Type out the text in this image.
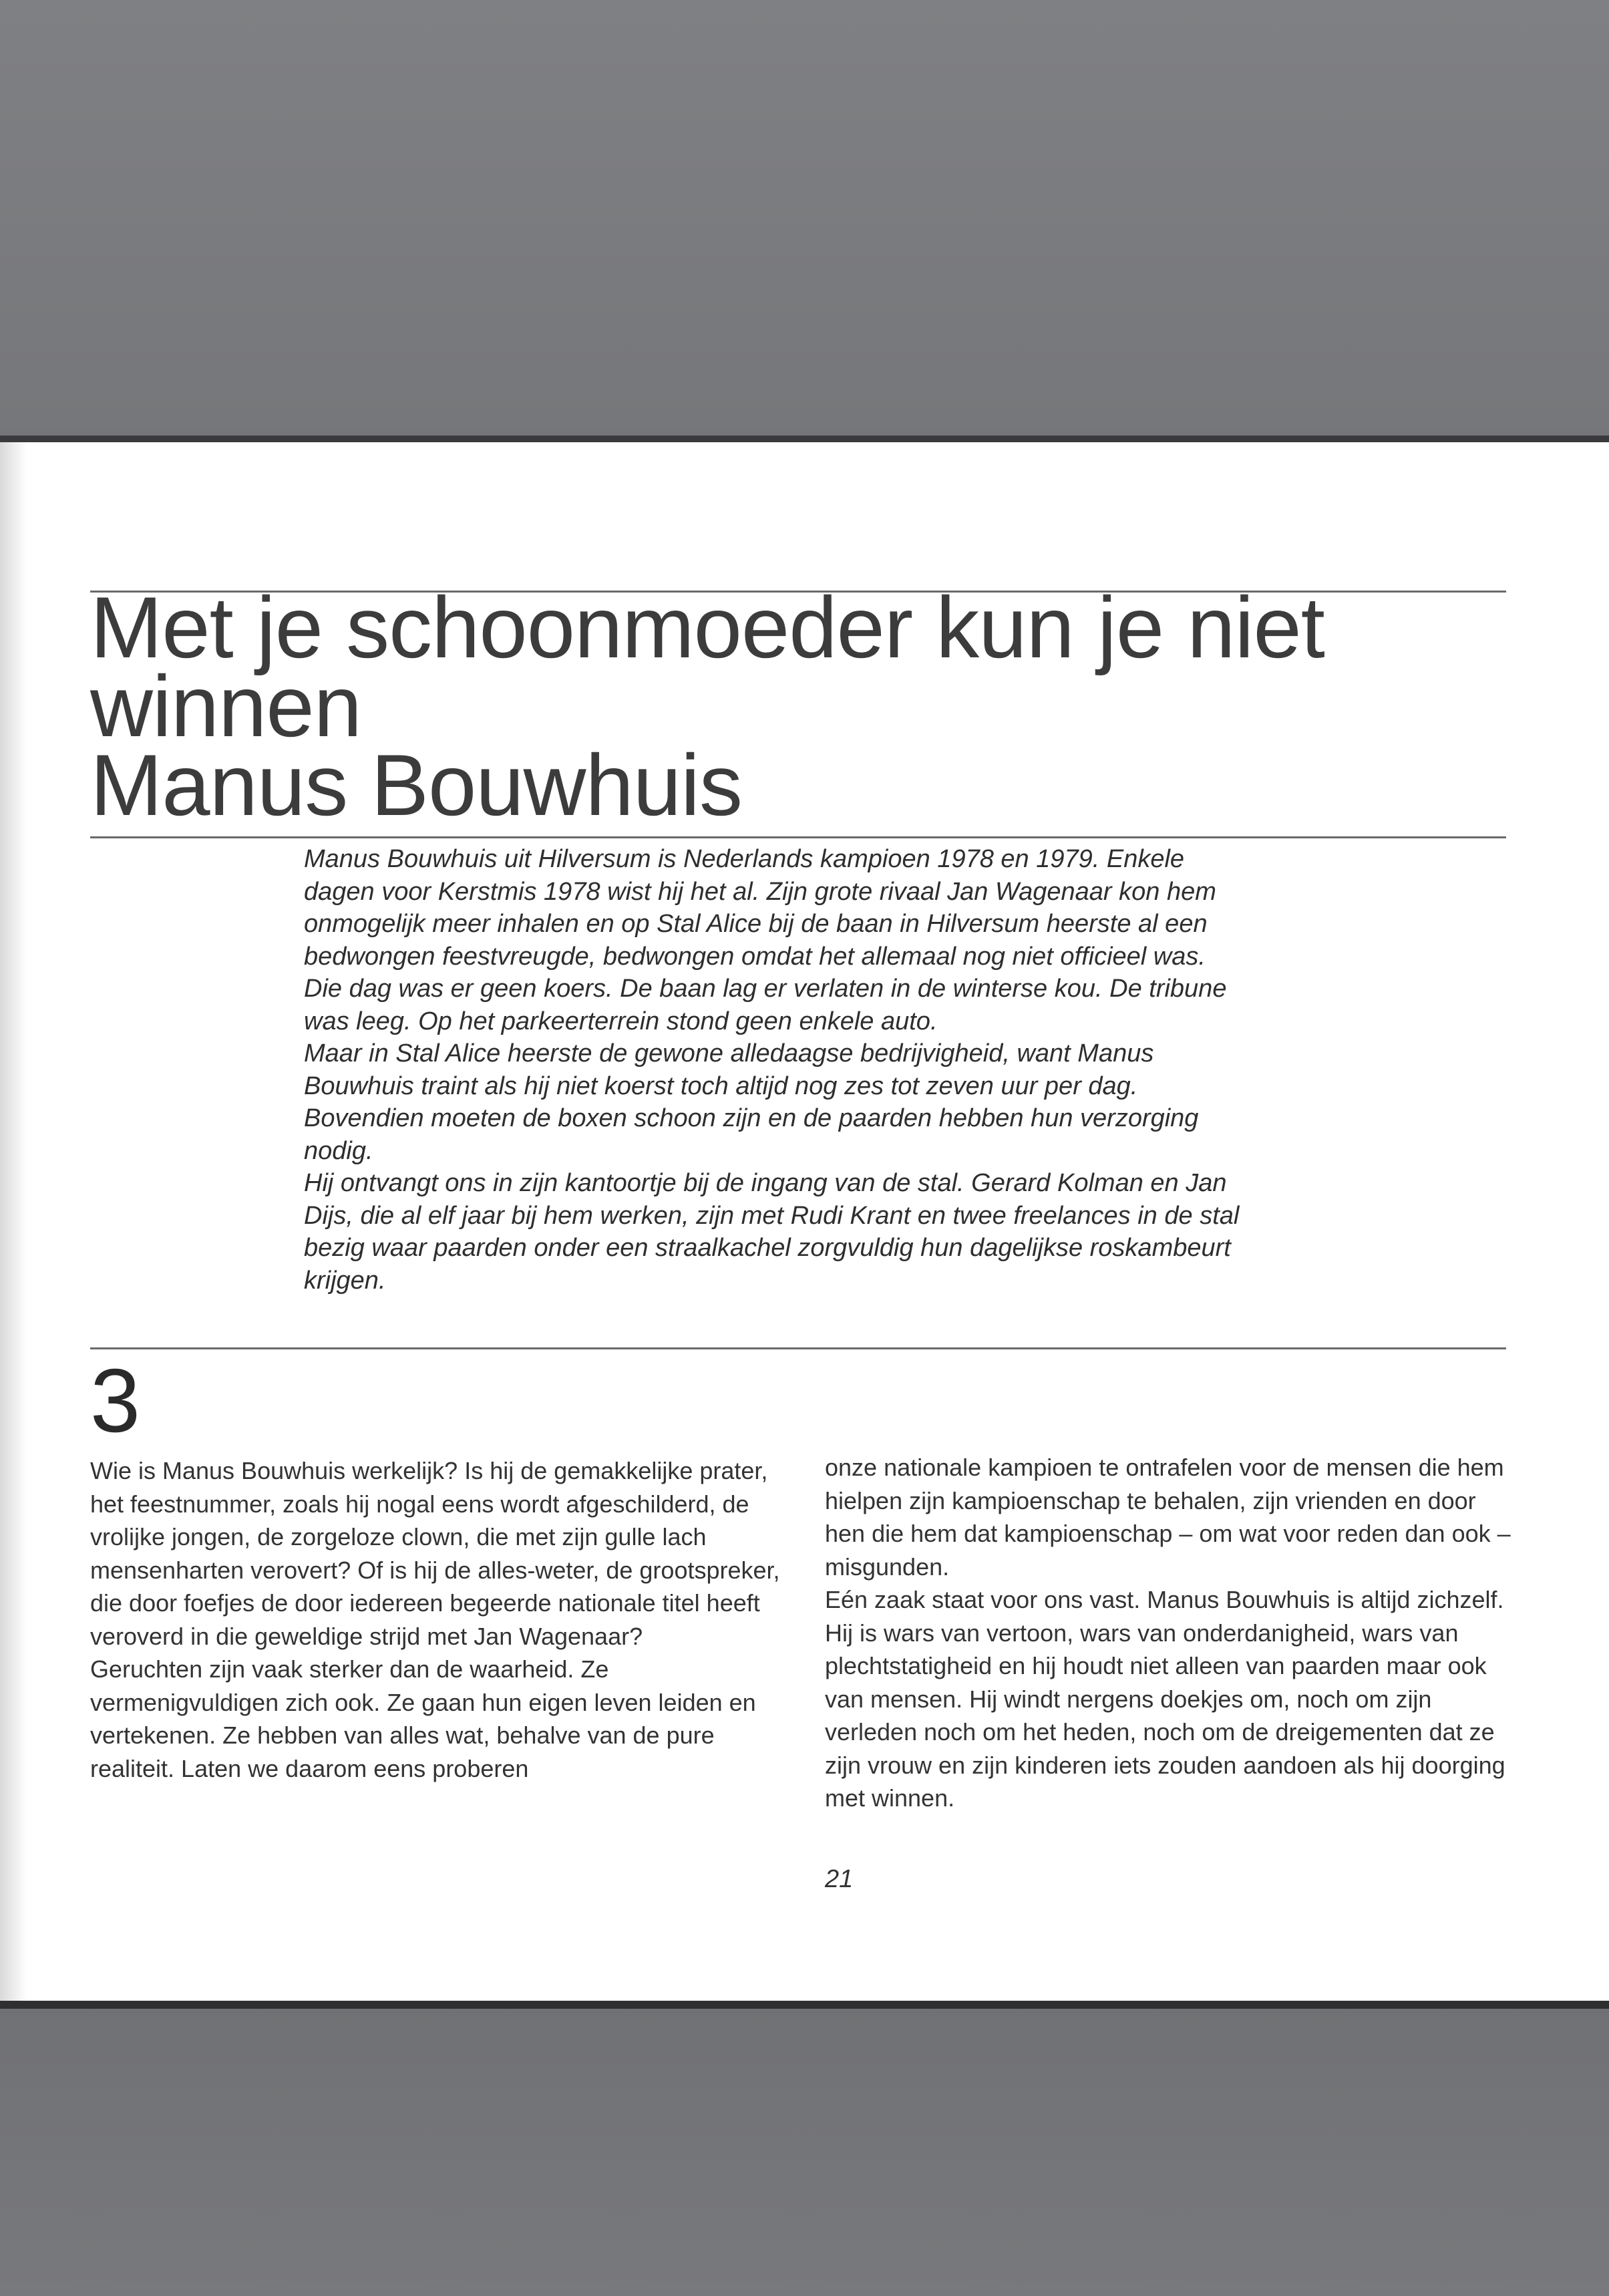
Met je schoonmoeder kun je niet
winnen
Manus Bouwhuis

Manus Bouwhuis uit Hilversum is Nederlands kampioen 1978 en 1979. Enkele dagen voor Kerstmis 1978 wist hij het al. Zijn grote rivaal Jan Wagenaar kon hem onmogelijk meer inhalen en op Stal Alice bij de baan in Hilversum heerste al een bedwongen feestvreugde, bedwongen omdat het allemaal nog niet officieel was.

Die dag was er geen koers. De baan lag er verlaten in de winterse kou. De tribune was leeg. Op het parkeerterrein stond geen enkele auto.

Maar in Stal Alice heerste de gewone alledaagse bedrijvigheid, want Manus Bouwhuis traint als hij niet koerst toch altijd nog zes tot zeven uur per dag. Bovendien moeten de boxen schoon zijn en de paarden hebben hun verzorging nodig.

Hij ontvangt ons in zijn kantoortje bij de ingang van de stal. Gerard Kolman en Jan Dijs, die al elf jaar bij hem werken, zijn met Rudi Krant en twee freelances in de stal bezig waar paarden onder een straalkachel zorgvuldig hun dagelijkse roskambeurt krijgen.

3

Wie is Manus Bouwhuis werkelijk? Is hij de gemakkelijke prater, het feestnummer, zoals hij nogal eens wordt afgeschilderd, de vrolijke jongen, de zorgeloze clown, die met zijn gulle lach mensenharten verovert? Of is hij de alles-weter, de grootspreker, die door foefjes de door iedereen begeerde nationale titel heeft veroverd in die geweldige strijd met Jan Wagenaar?

Geruchten zijn vaak sterker dan de waarheid. Ze vermenigvuldigen zich ook. Ze gaan hun eigen leven leiden en vertekenen. Ze hebben van alles wat, behalve van de pure realiteit. Laten we daarom eens proberen

onze nationale kampioen te ontrafelen voor de mensen die hem hielpen zijn kampioenschap te behalen, zijn vrienden en door hen die hem dat kampioenschap – om wat voor reden dan ook – misgunden.

Eén zaak staat voor ons vast. Manus Bouwhuis is altijd zichzelf. Hij is wars van vertoon, wars van onderdanigheid, wars van plechtstatigheid en hij houdt niet alleen van paarden maar ook van mensen. Hij windt nergens doekjes om, noch om zijn verleden noch om het heden, noch om de dreigementen dat ze zijn vrouw en zijn kinderen iets zouden aandoen als hij doorging met winnen.

21
